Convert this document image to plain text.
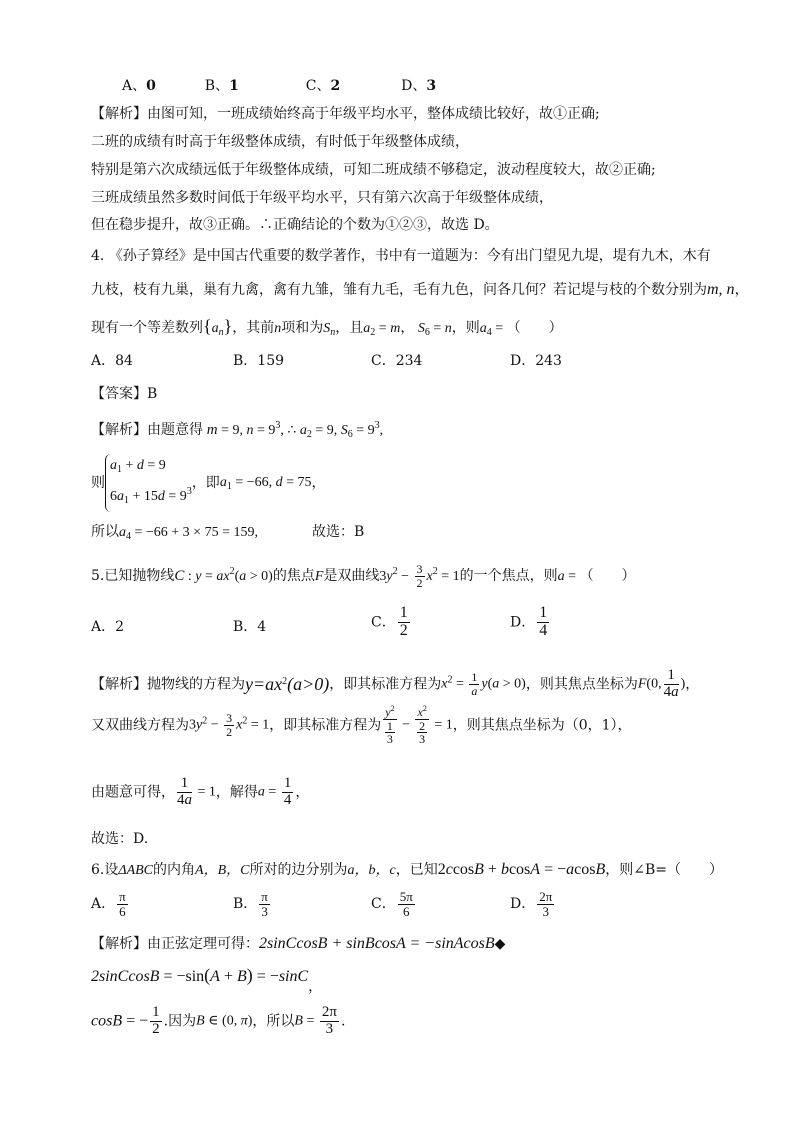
A、0	B、1	C、2	D、3
【解析】由图可知，一班成绩始终高于年级平均水平，整体成绩比较好，故①正确;
二班的成绩有时高于年级整体成绩，有时低于年级整体成绩，
特别是第六次成绩远低于年级整体成绩，可知二班成绩不够稳定，波动程度较大，故②正确;
三班成绩虽然多数时间低于年级平均水平，只有第六次高于年级整体成绩，
但在稳步提升，故③正确。∴正确结论的个数为①②③，故选 D。
4. 《孙子算经》是中国古代重要的数学著作，书中有一道题为：今有出门望见九堤，堤有九木，木有
九枝，枝有九巢，巢有九禽，禽有九雏，雏有九毛，毛有九色，问各几何？若记堤与枝的个数分别为m, n，
现有一个等差数列$\{a_n\}$，其前n项和为$S_n$，且$a_2 = m$， $S_6 = n$，则$a_4$ = （　　）
A．84	B．159	C．234	D．243
【答案】B
【解析】由题意得 m = 9, $n = 9^3$, ∴ $a_2 = 9$, $S_6 = 9^3$,
则
$a_1 + d = 9$
$6a_1 + 15d = 9^3$
，即$a_1 = -66$, d = 75，
所以$a_4 = -66 + 3 \times 75 = 159$,	故选：B
5.已知抛物线C : $y = ax^2(a > 0)$的焦点F是双曲线$3y^2 - \frac{3}{2} x^2 = 1$的一个焦点，则a = （　　）
A．2	B．4	C． $\frac{1}{2}$	D． $\frac{1}{4}$
【解析】抛物线的方程为$y=ax^2(a>0)$，即其标准方程为$x^2 = \frac{1}{a} y(a > 0)$，则其焦点坐标为F(0, $\frac{1}{4a}$ )，
又双曲线方程为$3y^2 - \frac{3}{2} x^2 = 1$，即其标准方程为 $\frac{y^2}{\frac{1}{3}} - \frac{x^2}{\frac{2}{3}} = 1$，则其焦点坐标为（0，1），
由题意可得， $\frac{1}{4a} = 1$，解得$a = \frac{1}{4}$ ，
故选：D.
6.设ΔABC的内角A，B，C所对的边分别为a，b，c，已知2ccosB + bcosA = −acosB，则∠B=（　　）
A． $\frac{\pi}{6}$	B． $\frac{\pi}{3}$	C． $\frac{5\pi}{6}$	D． $\frac{2\pi}{3}$
【解析】由正弦定理可得：2sinCcosB + sinBcosA = −sinAcosB◆
2sinCcosB = −sin(A + B) = −sinC，
cosB = − $\frac{1}{2}$ .因为B ∈ (0, π)，所以$B = \frac{2\pi}{3}$ .
